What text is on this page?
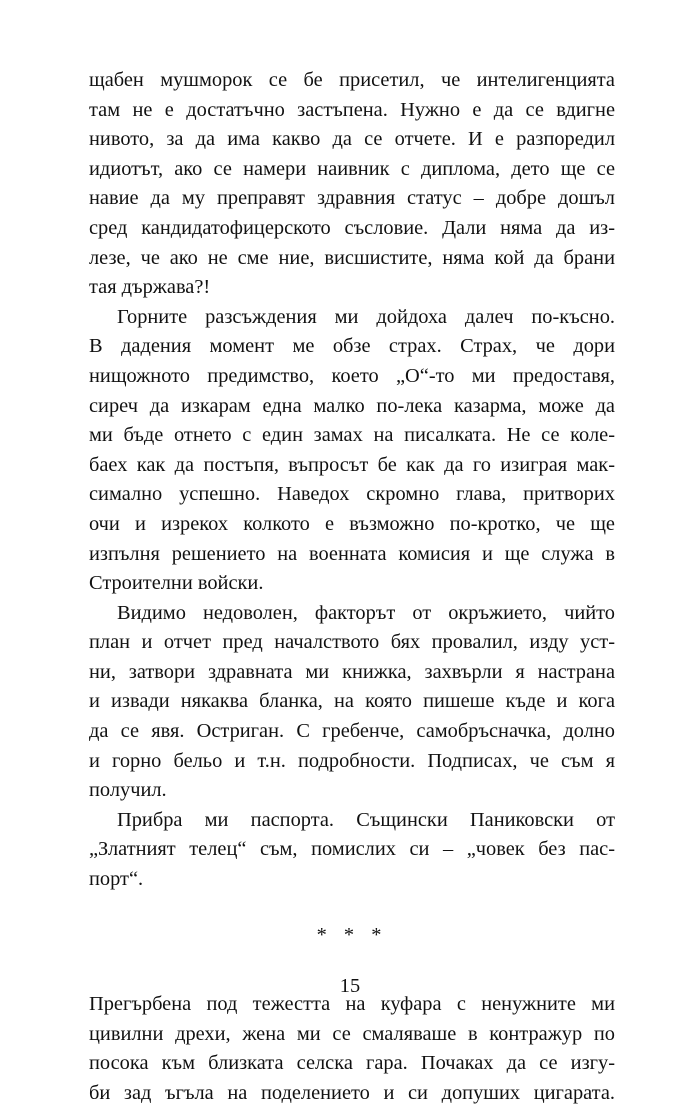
щабен мушморок се бе присетил, че интелигенцията
там не е достатъчно застъпена. Нужно е да се вдигне
нивото, за да има какво да се отчете. И е разпоредил
идиотът, ако се намери наивник с диплома, дето ще се
навие да му преправят здравния статус – добре дошъл
сред кандидатофицерското съсловие. Дали няма да из-
лезе, че ако не сме ние, висшистите, няма кой да брани
тая държава?!
Горните разсъждения ми дойдоха далеч по-късно.
В дадения момент ме обзе страх. Страх, че дори
нищожното предимство, което „О“-то ми предоставя,
сиреч да изкарам една малко по-лека казарма, може да
ми бъде отнето с един замах на писалката. Не се коле-
баех как да постъпя, въпросът бе как да го изиграя мак-
симално успешно. Наведох скромно глава, притворих
очи и изрекох колкото е възможно по-кротко, че ще
изпълня решението на военната комисия и ще служа в
Строителни войски.
Видимо недоволен, факторът от окръжието, чийто
план и отчет пред началството бях провалил, изду уст-
ни, затвори здравната ми книжка, захвърли я настрана
и извади някаква бланка, на която пишеше къде и кога
да се явя. Остриган. С гребенче, самобръсначка, долно
и горно бельо и т.н. подробности. Подписах, че съм я
получил.
Прибра ми паспорта. Същински Паниковски от
„Златният телец“ съм, помислих си – „човек без пас-
порт“.
* * *
Прегърбена под тежестта на куфара с ненужните ми
цивилни дрехи, жена ми се смаляваше в контражур по
посока към близката селска гара. Почаках да се изгу-
би зад ъгъла на поделението и си допуших цигарата.
15
